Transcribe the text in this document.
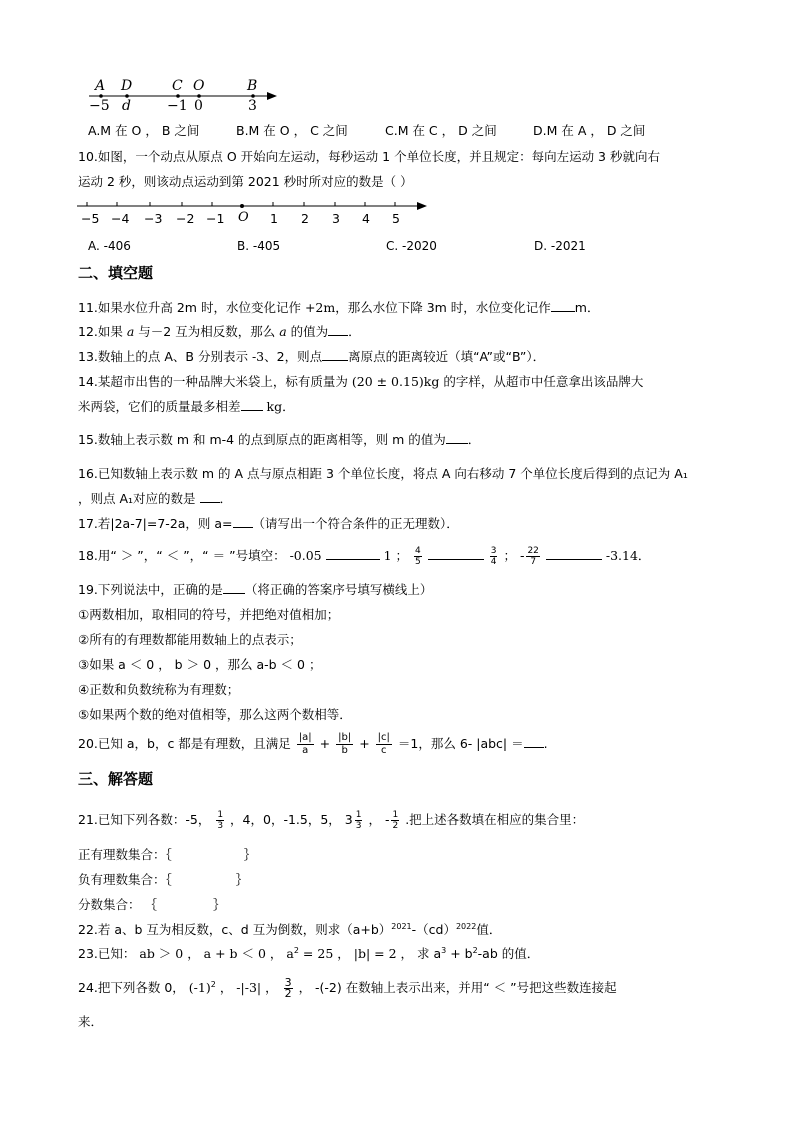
A D	C O	B
−5 d	−1 0	3
A.M 在 O ， B 之间	B.M 在 O ， C 之间	C.M 在 C ， D 之间	D.M 在 A ， D 之间
10.如图，一个动点从原点 O 开始向左运动，每秒运动 1 个单位长度，并且规定：每向左运动 3 秒就向右
运动 2 秒，则该动点运动到第 2021 秒时所对应的数是（ ）
−5 −4 −3 −2 −1 O 1 2 3 4 5
A. -406	B. -405	C. -2020	D. -2021
二、填空题
11.如果水位升高 2m 时，水位变化记作 +2m，那么水位下降 3m 时，水位变化记作 m．
12.如果 a 与－2 互为相反数，那么 a 的值为 ．
13.数轴上的点 A、B 分别表示 -3、2，则点 离原点的距离较近（填“A”或“B”）．
14.某超市出售的一种品牌大米袋上，标有质量为 (20 ± 0.15)kg 的字样，从超市中任意拿出该品牌大
米两袋，它们的质量最多相差 kg．
15.数轴上表示数 m 和 m-4 的点到原点的距离相等，则 m 的值为 ．
16.已知数轴上表示数 m 的 A 点与原点相距 3 个单位长度，将点 A 向右移动 7 个单位长度后得到的点记为 A₁
，则点 A₁对应的数是 ．
17.若|2a-7|=7-2a，则 a= （请写出一个符合条件的正无理数）．
18.用“ ＞ ”，“ ＜ ”，“ ＝ ”号填空： -0.05	1 ； $\frac{4}{5}$
	$\frac{3}{4}$ ； - $\frac{22}{7}$	-3.14．
19.下列说法中，正确的是 （将正确的答案序号填写横线上）
①两数相加，取相同的符号，并把绝对值相加；
②所有的有理数都能用数轴上的点表示；
③如果 a ＜ 0 ， b ＞ 0 ，那么 a-b ＜ 0 ；
④正数和负数统称为有理数；
⑤如果两个数的绝对值相等，那么这两个数相等．
20.已知 a，b，c 都是有理数，且满足 $\frac{|a|}{a} + \frac{|b|}{b} + \frac{|c|}{c} =1$，那么 6- |abc| ＝ .
三、解答题
21.已知下列各数：-5， $\frac{1}{3}$ ，4，0，-1.5，5， $3 \frac{1}{3}$ ， - $\frac{1}{2}$ .把上述各数填在相应的集合里：
正有理数集合：｛	｝
负有理数集合：｛	｝
分数集合： ｛	｝
22.若 a、b 互为相反数，c、d 互为倒数，则求$(a+b)^{2021}-(cd)^{2022}$值．
23.已知： ab ＞ 0 ， a + b ＜ 0 ， $a^2 = 25$ ， |b| = 2 ， 求 $a^3 + b^2-ab$ 的值．
24.把下列各数 0， $(-1)^2$ ， -|-3| ， $\frac{3}{2}$ ， -(-2) 在数轴上表示出来，并用“ ＜ ”号把这些数连接起
来．
